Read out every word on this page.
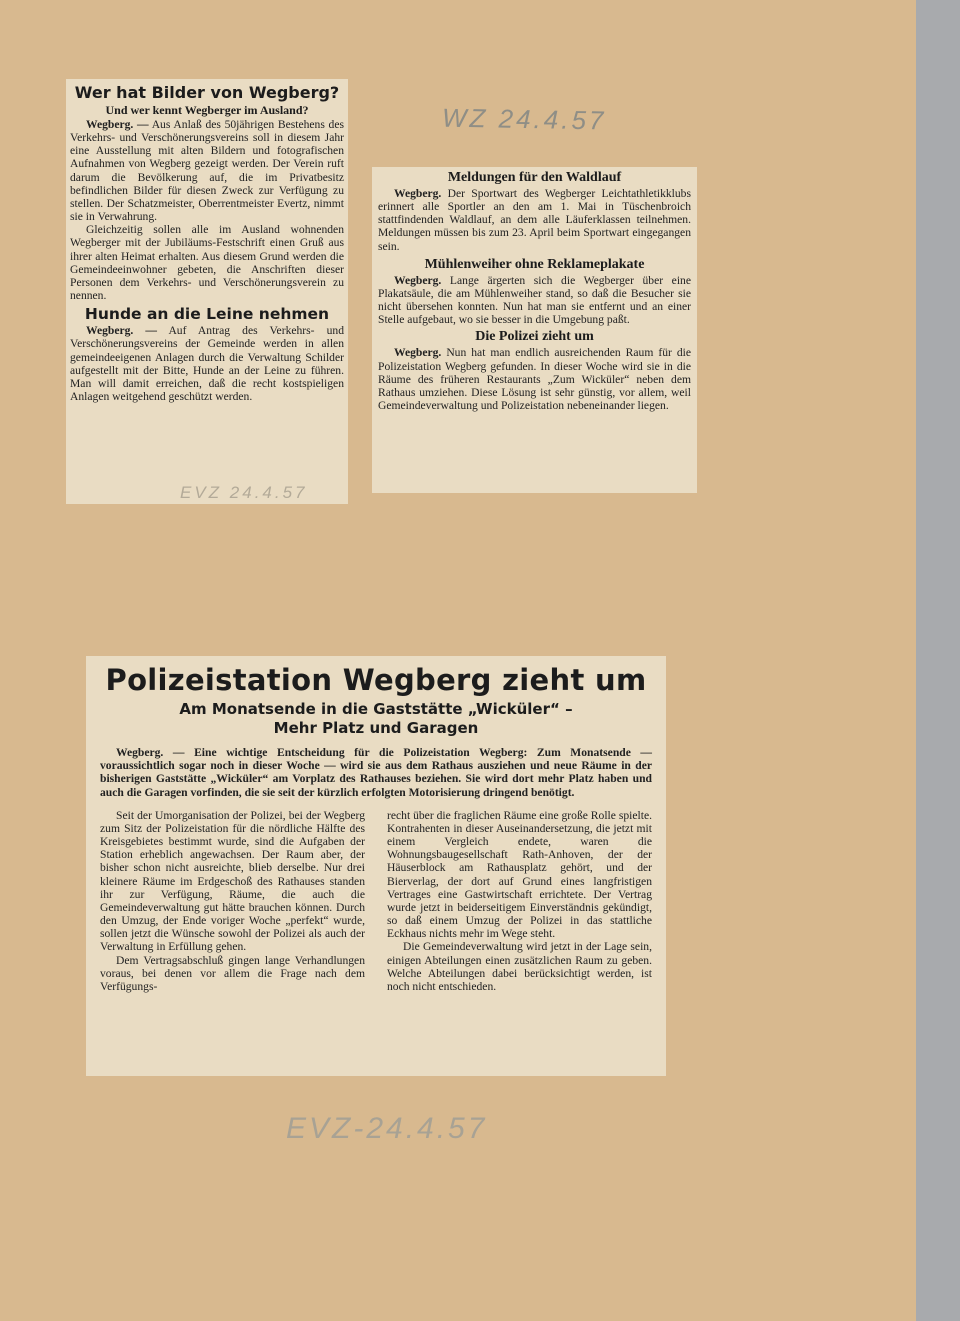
Wer hat Bilder von Wegberg?
Und wer kennt Wegberger im Ausland?

Wegberg. — Aus Anlaß des 50jährigen Bestehens des Verkehrs- und Verschönerungsvereins soll in diesem Jahr eine Ausstellung mit alten Bildern und fotografischen Aufnahmen von Wegberg gezeigt werden. Der Verein ruft darum die Bevölkerung auf, die im Privatbesitz befindlichen Bilder für diesen Zweck zur Verfügung zu stellen. Der Schatzmeister, Oberrentmeister Evertz, nimmt sie in Verwahrung.

Gleichzeitig sollen alle im Ausland wohnenden Wegberger mit der Jubiläums-Festschrift einen Gruß aus ihrer alten Heimat erhalten. Aus diesem Grund werden die Gemeindeeinwohner gebeten, die Anschriften dieser Personen dem Verkehrs- und Verschönerungsverein zu nennen.

Hunde an die Leine nehmen

Wegberg. — Auf Antrag des Verkehrs- und Verschönerungsvereins der Gemeinde werden in allen gemeindeeigenen Anlagen durch die Verwaltung Schilder aufgestellt mit der Bitte, Hunde an der Leine zu führen. Man will damit erreichen, daß die recht kostspieligen Anlagen weitgehend geschützt werden.

Meldungen für den Waldlauf

Wegberg. Der Sportwart des Wegberger Leichtathletikklubs erinnert alle Sportler an den am 1. Mai in Tüschenbroich stattfindenden Waldlauf, an dem alle Läuferklassen teilnehmen. Meldungen müssen bis zum 23. April beim Sportwart eingegangen sein.

Mühlenweiher ohne Reklameplakate

Wegberg. Lange ärgerten sich die Wegberger über eine Plakatsäule, die am Mühlenweiher stand, so daß die Besucher sie nicht übersehen konnten. Nun hat man sie entfernt und an einer Stelle aufgebaut, wo sie besser in die Umgebung paßt.

Die Polizei zieht um

Wegberg. Nun hat man endlich ausreichenden Raum für die Polizeistation Wegberg gefunden. In dieser Woche wird sie in die Räume des früheren Restaurants „Zum Wicküler“ neben dem Rathaus umziehen. Diese Lösung ist sehr günstig, vor allem, weil Gemeindeverwaltung und Polizeistation nebeneinander liegen.

Polizeistation Wegberg zieht um
Am Monatsende in die Gaststätte „Wicküler“ – Mehr Platz und Garagen

Wegberg. — Eine wichtige Entscheidung für die Polizeistation Wegberg: Zum Monatsende — voraussichtlich sogar noch in dieser Woche — wird sie aus dem Rathaus ausziehen und neue Räume in der bisherigen Gaststätte „Wicküler“ am Vorplatz des Rathauses beziehen. Sie wird dort mehr Platz haben und auch die Garagen vorfinden, die sie seit der kürzlich erfolgten Motorisierung dringend benötigt.

Seit der Umorganisation der Polizei, bei der Wegberg zum Sitz der Polizeistation für die nördliche Hälfte des Kreisgebietes bestimmt wurde, sind die Aufgaben der Station erheblich angewachsen. Der Raum aber, der bisher schon nicht ausreichte, blieb derselbe. Nur drei kleinere Räume im Erdgeschoß des Rathauses standen ihr zur Verfügung, Räume, die auch die Gemeindeverwaltung gut hätte brauchen können. Durch den Umzug, der Ende voriger Woche „perfekt“ wurde, sollen jetzt die Wünsche sowohl der Polizei als auch der Verwaltung in Erfüllung gehen.

Dem Vertragsabschluß gingen lange Verhandlungen voraus, bei denen vor allem die Frage nach dem Verfügungs-

recht über die fraglichen Räume eine große Rolle spielte. Kontrahenten in dieser Auseinandersetzung, die jetzt mit einem Vergleich endete, waren die Wohnungsbaugesellschaft Rath-Anhoven, der der Häuserblock am Rathausplatz gehört, und der Bierverlag, der dort auf Grund eines langfristigen Vertrages eine Gastwirtschaft errichtete. Der Vertrag wurde jetzt in beiderseitigem Einverständnis gekündigt, so daß einem Umzug der Polizei in das stattliche Eckhaus nichts mehr im Wege steht.

Die Gemeindeverwaltung wird jetzt in der Lage sein, einigen Abteilungen einen zusätzlichen Raum zu geben. Welche Abteilungen dabei berücksichtigt werden, ist noch nicht entschieden.

WZ 24.4.57
EVZ 24.4.57
EVZ-24.4.57
